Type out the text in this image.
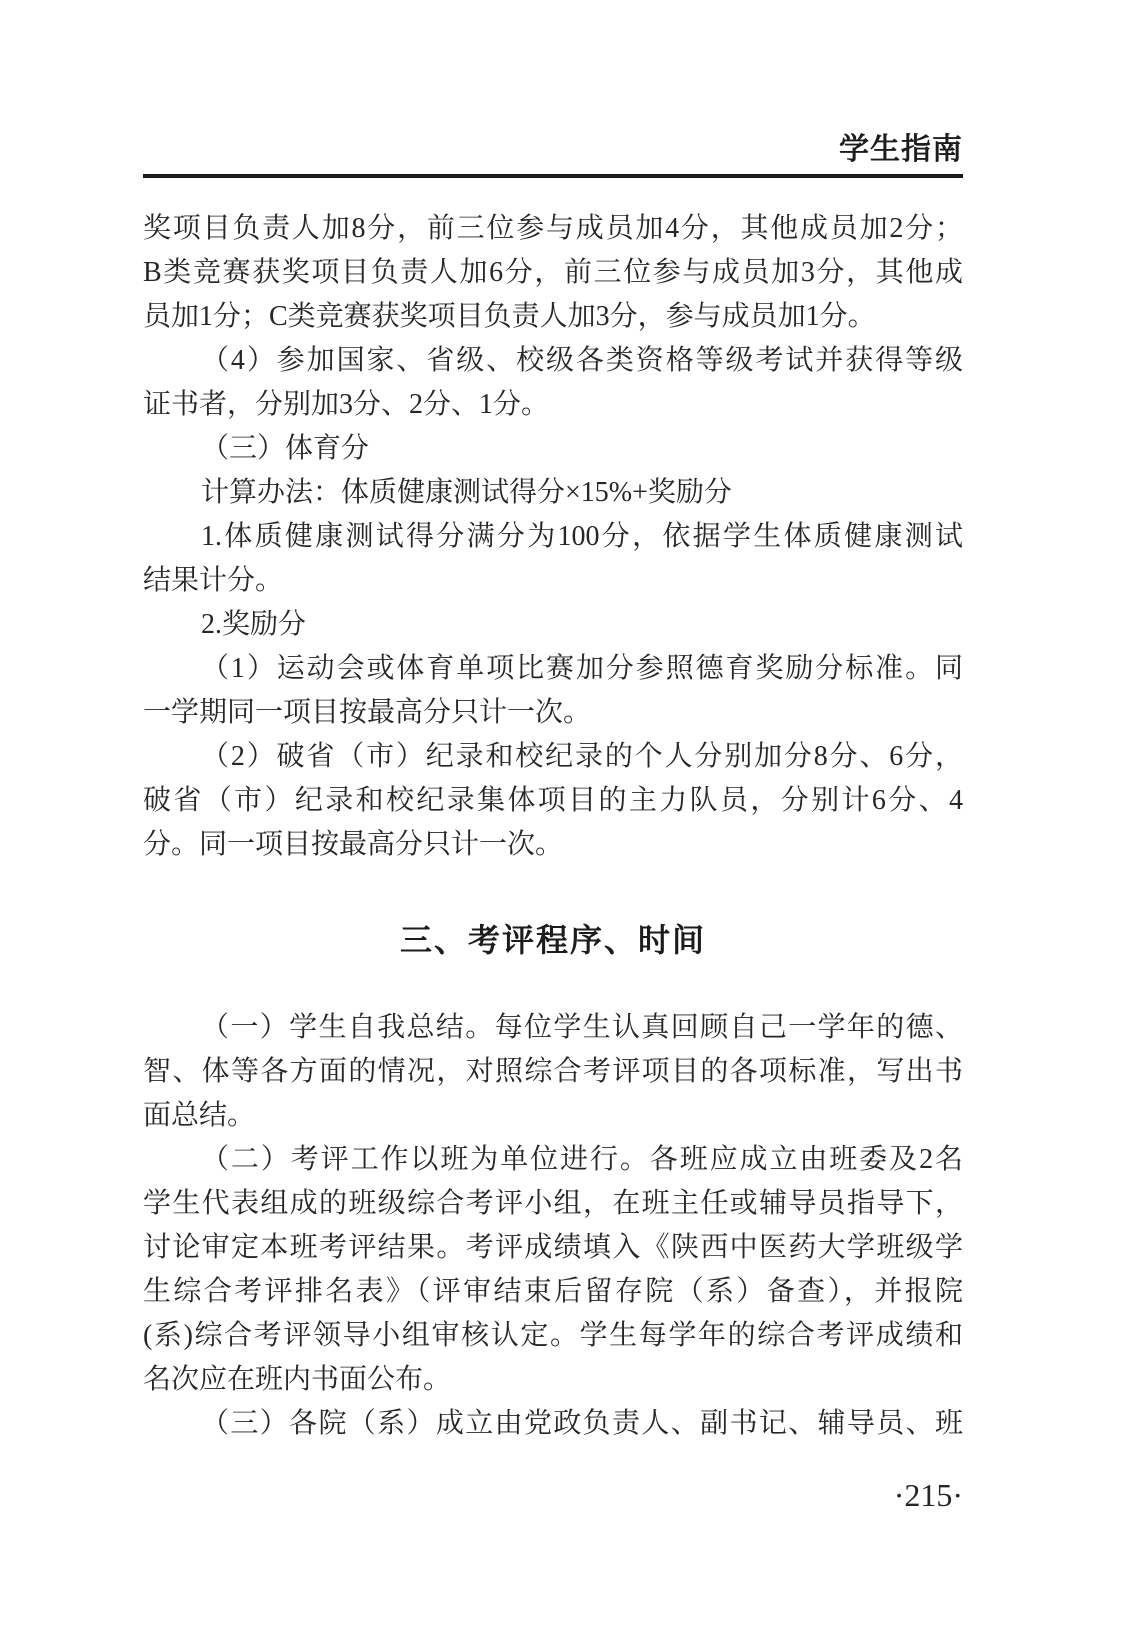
学生指南
奖项目负责人加8分，前三位参与成员加4分，其他成员加2分；
B类竞赛获奖项目负责人加6分，前三位参与成员加3分，其他成
员加1分；C类竞赛获奖项目负责人加3分，参与成员加1分。
（4）参加国家、省级、校级各类资格等级考试并获得等级
证书者，分别加3分、2分、1分。
（三）体育分
计算办法：体质健康测试得分×15%+奖励分
1.体质健康测试得分满分为100分，依据学生体质健康测试
结果计分。
2.奖励分
（1）运动会或体育单项比赛加分参照德育奖励分标准。同
一学期同一项目按最高分只计一次。
（2）破省（市）纪录和校纪录的个人分别加分8分、6分，
破省（市）纪录和校纪录集体项目的主力队员，分别计6分、4
分。同一项目按最高分只计一次。
三、考评程序、时间
（一）学生自我总结。每位学生认真回顾自己一学年的德、
智、体等各方面的情况，对照综合考评项目的各项标准，写出书
面总结。
（二）考评工作以班为单位进行。各班应成立由班委及2名
学生代表组成的班级综合考评小组，在班主任或辅导员指导下，
讨论审定本班考评结果。考评成绩填入《陕西中医药大学班级学
生综合考评排名表》（评审结束后留存院（系）备查），并报院
(系)综合考评领导小组审核认定。学生每学年的综合考评成绩和
名次应在班内书面公布。
（三）各院（系）成立由党政负责人、副书记、辅导员、班
·215·
